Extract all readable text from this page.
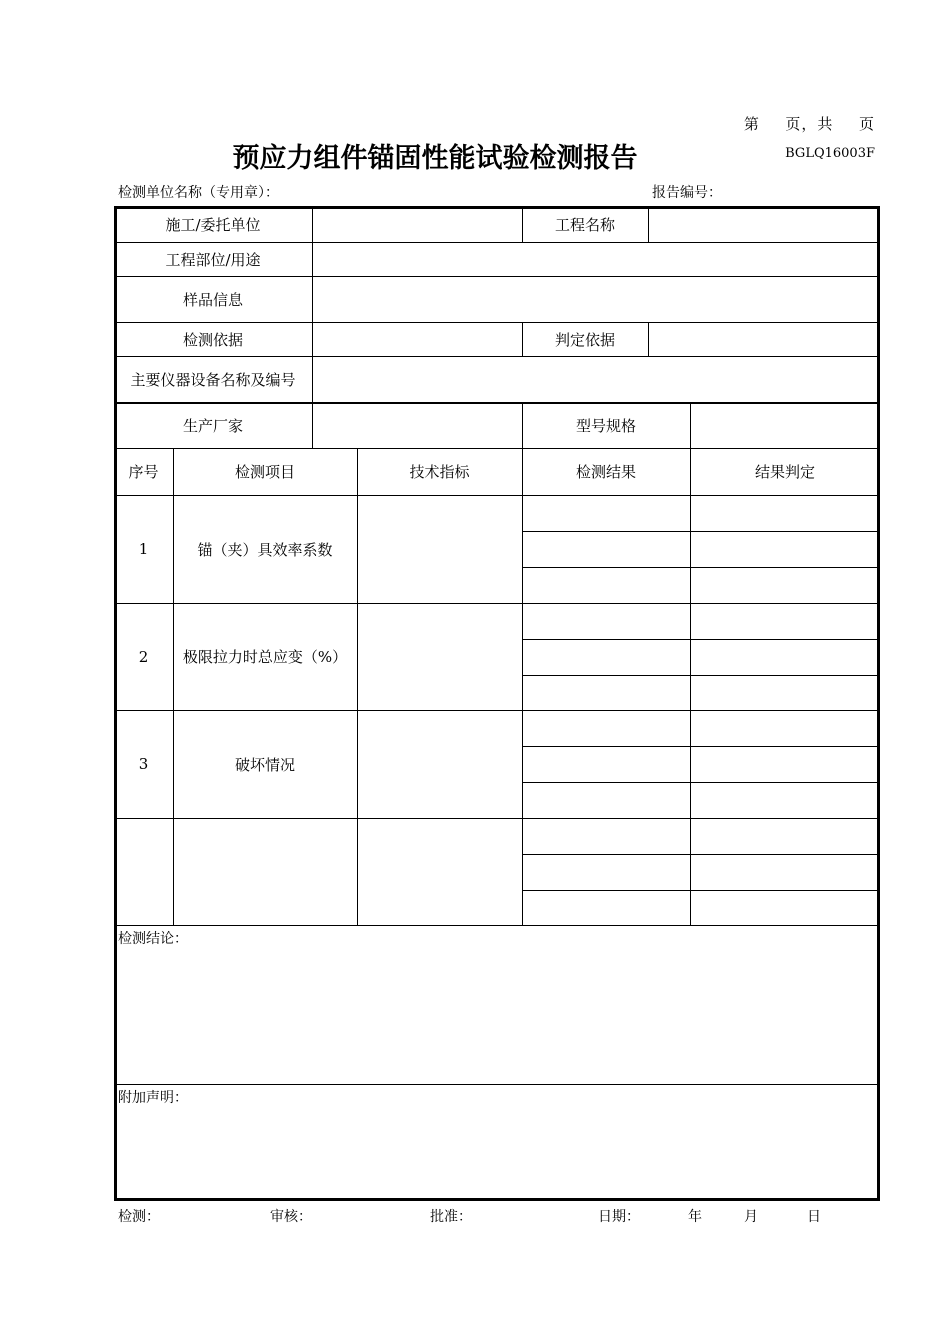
第 页，共 页
预应力组件锚固性能试验检测报告	BGLQ16003F
检测单位名称（专用章）：	报告编号：
施工/委托单位	工程名称
工程部位/用途
样品信息
检测依据	判定依据
主要仪器设备名称及编号
生产厂家	型号规格
序号	检测项目	技术指标	检测结果	结果判定
1	锚（夹）具效率系数
2	极限拉力时总应变（%）
3	破坏情况
检测结论：
附加声明：
检测：	审核：	批准：	日期：	年	月	日
